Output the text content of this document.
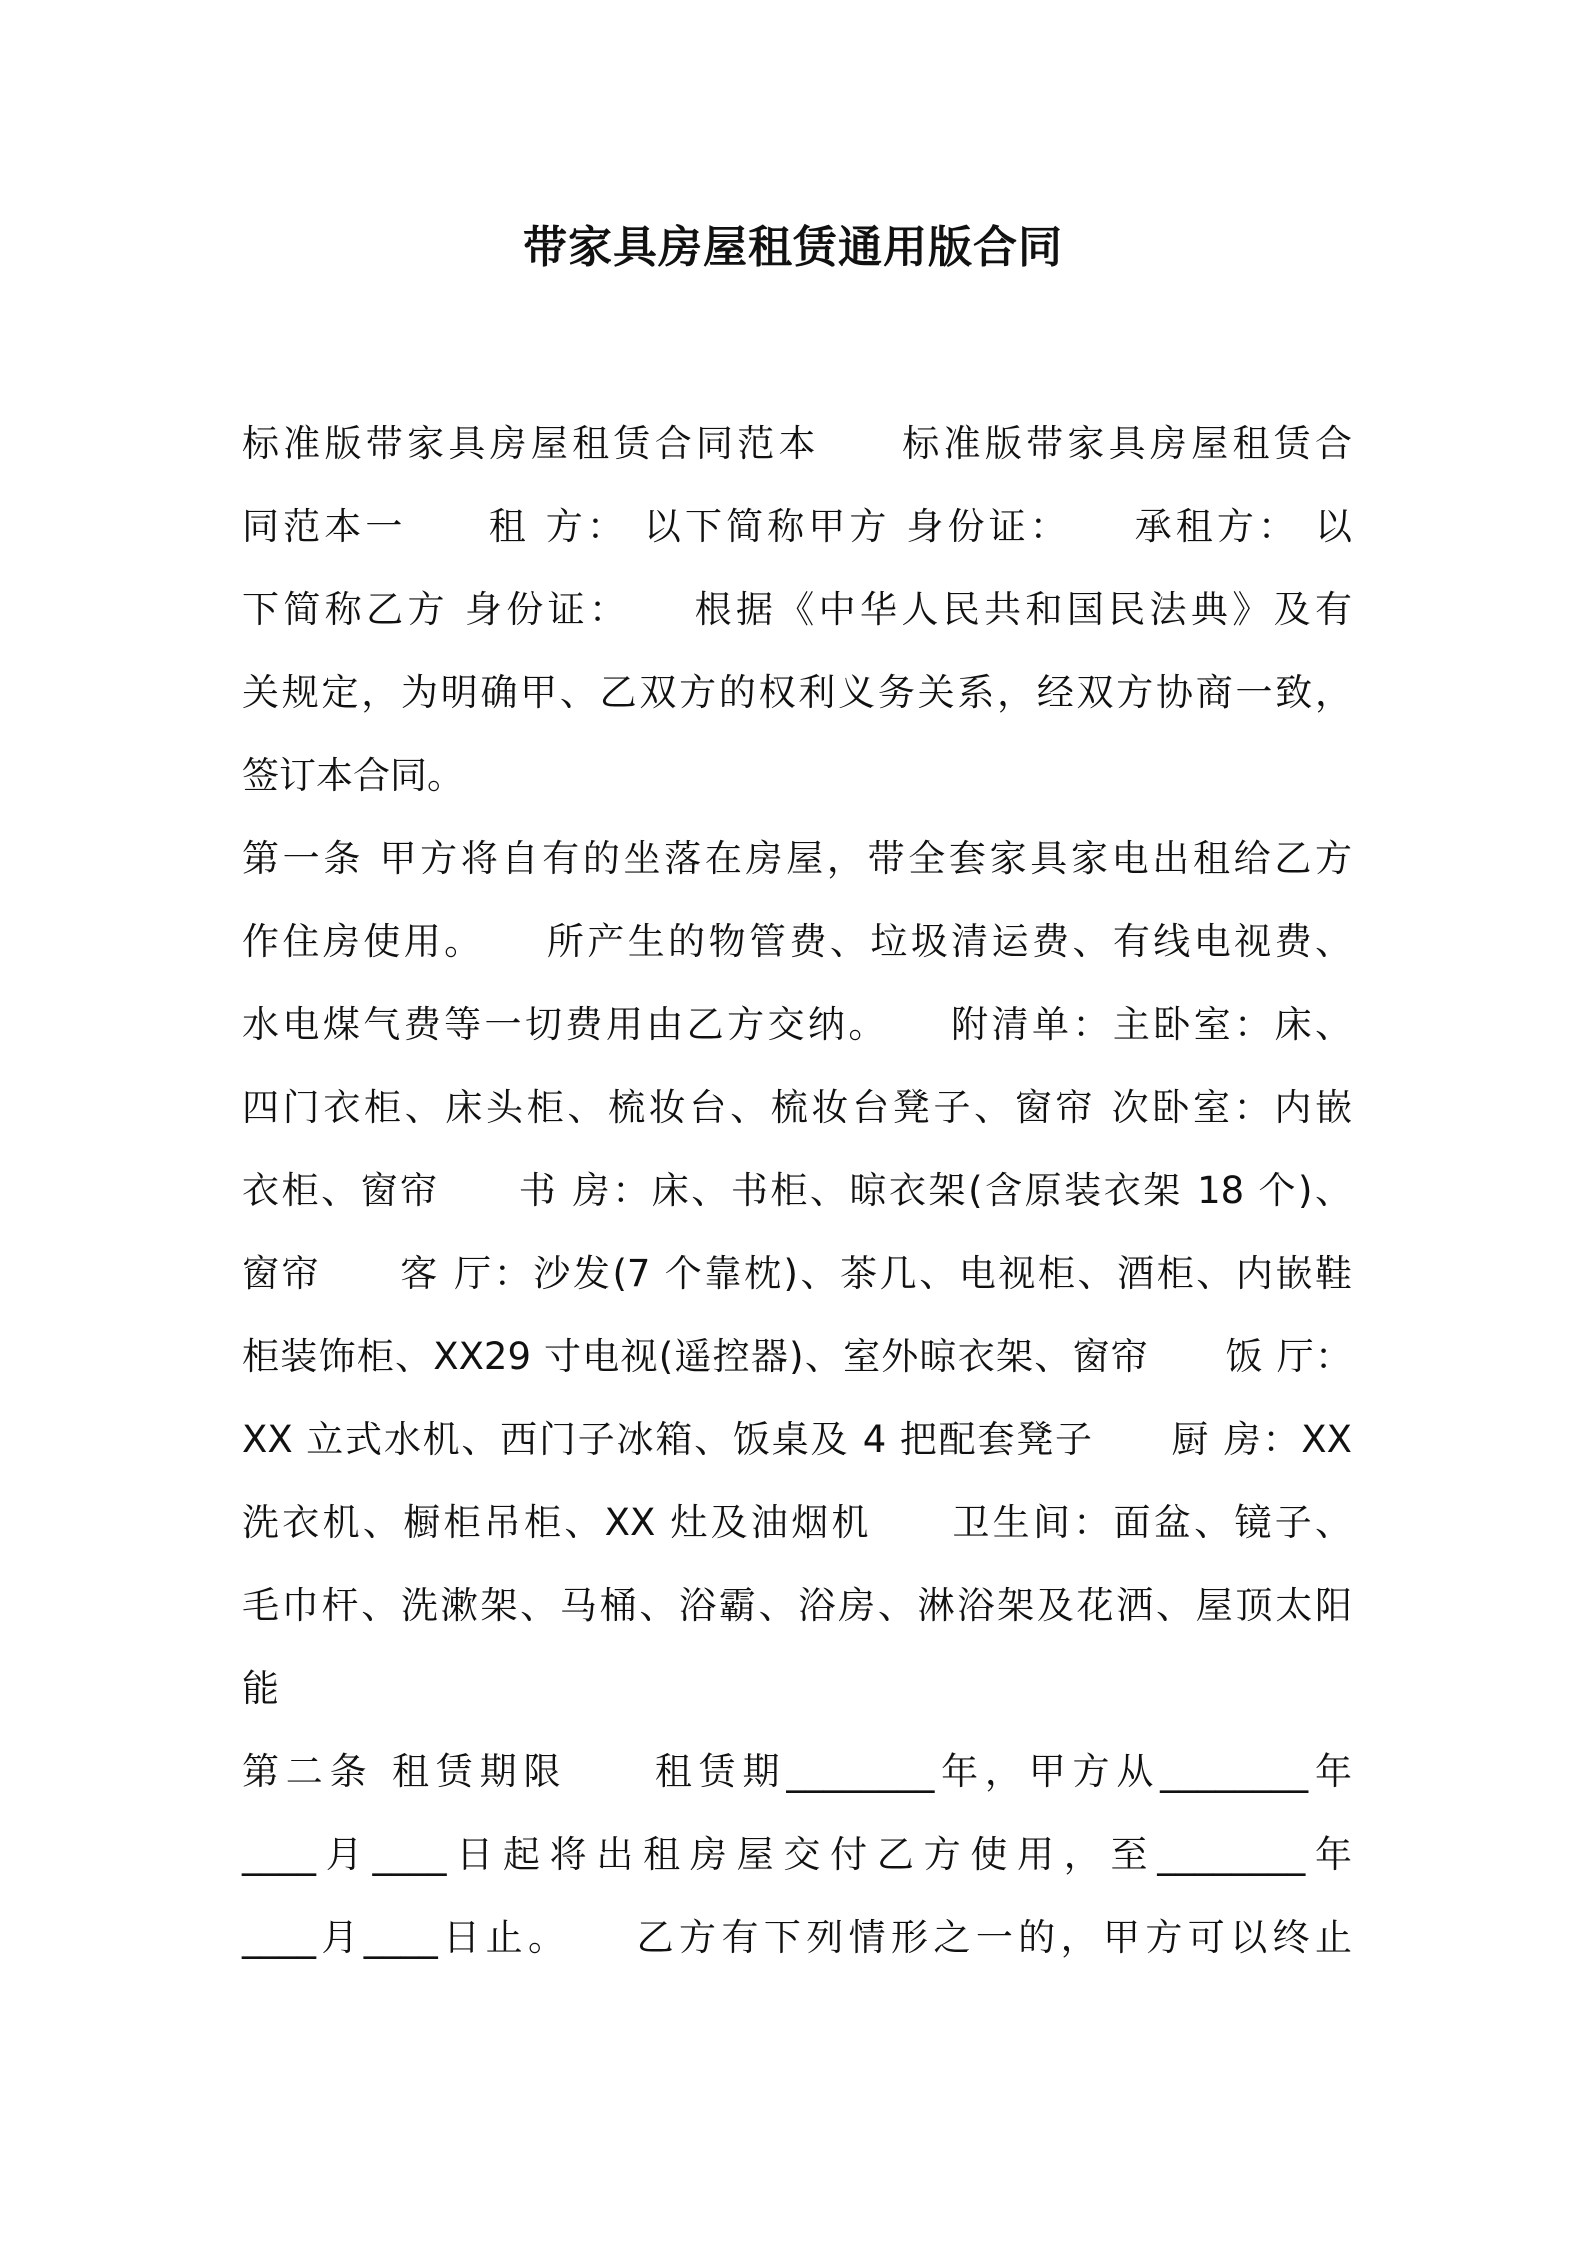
带家具房屋租赁通用版合同
标准版带家具房屋租赁合同范本　　标准版带家具房屋租赁合
同范本一　　租 方： 以下简称甲方 身份证：　　承租方： 以
下简称乙方 身份证：　　根据《中华人民共和国民法典》及有
关规定，为明确甲、乙双方的权利义务关系，经双方协商一致，
签订本合同。
第一条 甲方将自有的坐落在房屋，带全套家具家电出租给乙方
作住房使用。　　所产生的物管费、垃圾清运费、有线电视费、
水电煤气费等一切费用由乙方交纳。　　附清单：主卧室：床、
四门衣柜、床头柜、梳妆台、梳妆台凳子、窗帘 次卧室：内嵌
衣柜、窗帘　　书 房：床、书柜、晾衣架(含原装衣架 18 个)、
窗帘　　客 厅：沙发(7 个靠枕)、茶几、电视柜、酒柜、内嵌鞋
柜装饰柜、XX29 寸电视(遥控器)、室外晾衣架、窗帘　　饭 厅：
XX 立式水机、西门子冰箱、饭桌及 4 把配套凳子　　厨 房：XX
洗衣机、橱柜吊柜、XX 灶及油烟机　　卫生间：面盆、镜子、
毛巾杆、洗漱架、马桶、浴霸、浴房、淋浴架及花洒、屋顶太阳
能
第二条 租赁期限　　租赁期________年，甲方从________年
____月____日起将出租房屋交付乙方使用，至________年
____月____日止。　　乙方有下列情形之一的，甲方可以终止
